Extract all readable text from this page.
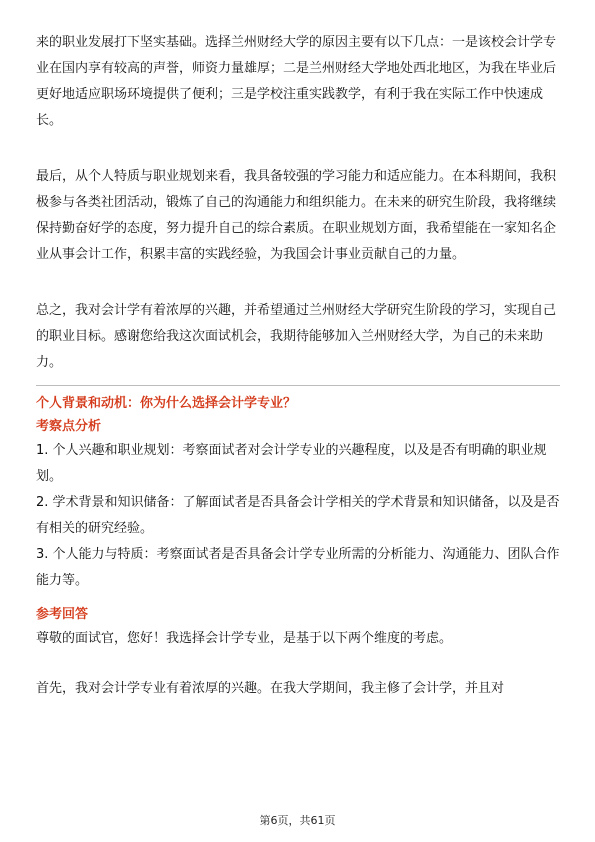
来的职业发展打下坚实基础。选择兰州财经大学的原因主要有以下几点：一是该校会计学专业在国内享有较高的声誉，师资力量雄厚；二是兰州财经大学地处西北地区，为我在毕业后更好地适应职场环境提供了便利；三是学校注重实践教学，有利于我在实际工作中快速成长。

最后，从个人特质与职业规划来看，我具备较强的学习能力和适应能力。在本科期间，我积极参与各类社团活动，锻炼了自己的沟通能力和组织能力。在未来的研究生阶段，我将继续保持勤奋好学的态度，努力提升自己的综合素质。在职业规划方面，我希望能在一家知名企业从事会计工作，积累丰富的实践经验，为我国会计事业贡献自己的力量。

总之，我对会计学有着浓厚的兴趣，并希望通过兰州财经大学研究生阶段的学习，实现自己的职业目标。感谢您给我这次面试机会，我期待能够加入兰州财经大学，为自己的未来助力。

个人背景和动机：你为什么选择会计学专业？

考察点分析

1. 个人兴趣和职业规划：考察面试者对会计学专业的兴趣程度，以及是否有明确的职业规划。

2. 学术背景和知识储备：了解面试者是否具备会计学相关的学术背景和知识储备，以及是否有相关的研究经验。

3. 个人能力与特质：考察面试者是否具备会计学专业所需的分析能力、沟通能力、团队合作能力等。

参考回答

尊敬的面试官，您好！我选择会计学专业，是基于以下两个维度的考虑。

首先，我对会计学专业有着浓厚的兴趣。在我大学期间，我主修了会计学，并且对

第6页，共61页
